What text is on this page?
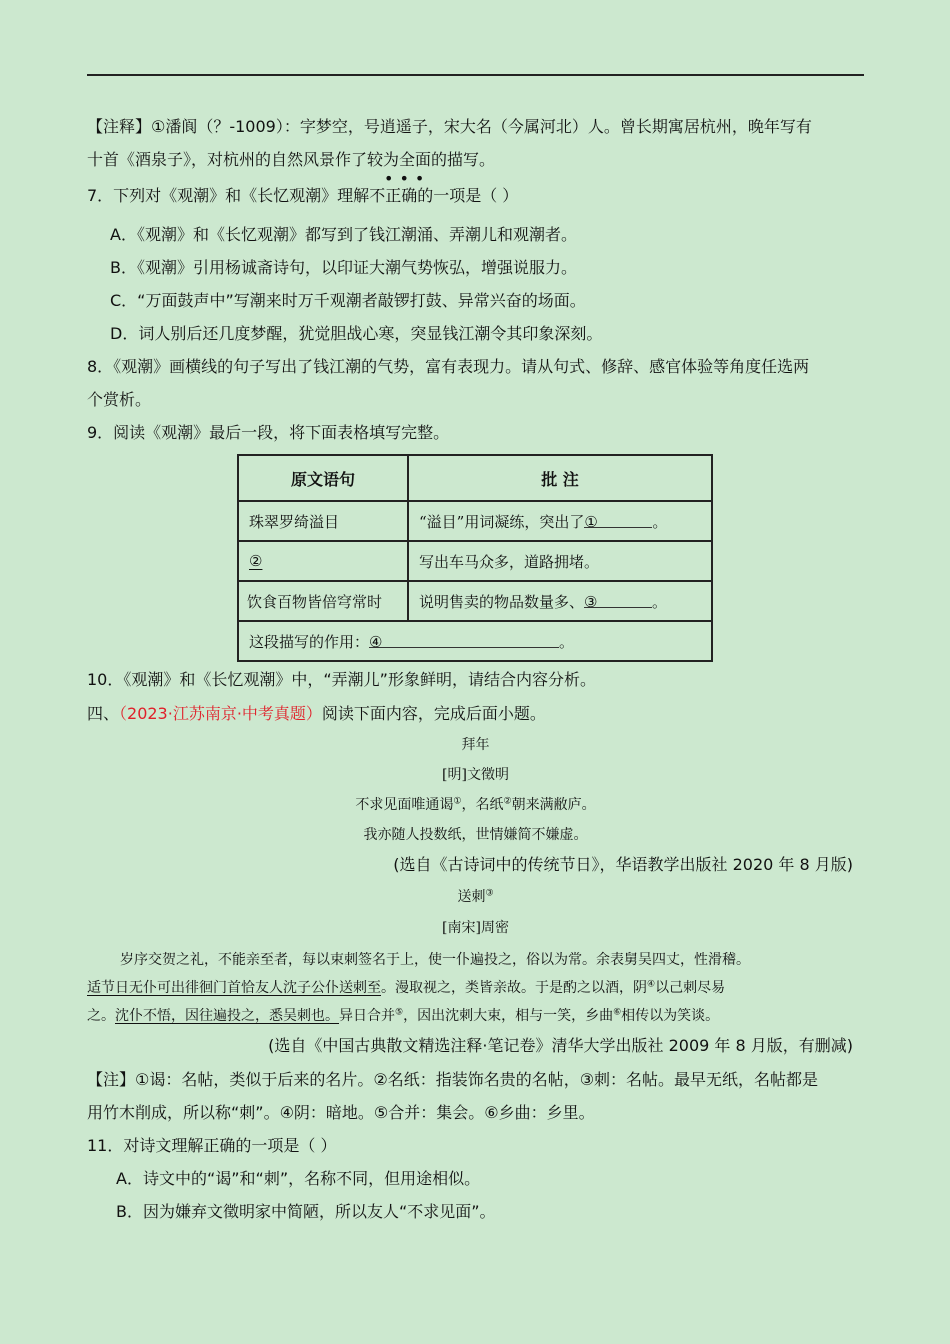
【注释】①潘阆（？-1009）：字梦空，号逍遥子，宋大名（今属河北）人。曾长期寓居杭州，晚年写有
十首《酒泉子》，对杭州的自然风景作了较为全面的描写。
•••
7．下列对《观潮》和《长忆观潮》理解不正确的一项是（ ）
A．《观潮》和《长忆观潮》都写到了钱江潮涌、弄潮儿和观潮者。
B．《观潮》引用杨诚斋诗句，以印证大潮气势恢弘，增强说服力。
C．“万面鼓声中”写潮来时万千观潮者敲锣打鼓、异常兴奋的场面。
D．词人别后还几度梦醒，犹觉胆战心寒，突显钱江潮令其印象深刻。
8．《观潮》画横线的句子写出了钱江潮的气势，富有表现力。请从句式、修辞、感官体验等角度任选两
个赏析。
9．阅读《观潮》最后一段，将下面表格填写完整。
原文语句	批 注
珠翠罗绮溢目	“溢目”用词凝练，突出了① 。
②	写出车马众多，道路拥堵。
饮食百物皆倍穹常时	说明售卖的物品数量多、③ 。
这段描写的作用：④ 。	
10．《观潮》和《长忆观潮》中，“弄潮儿”形象鲜明，请结合内容分析。
四、（2023·江苏南京·中考真题）阅读下面内容，完成后面小题。
拜年
[明]文徵明
不求见面唯通谒①，名纸②朝来满敝庐。
我亦随人投数纸，世情嫌简不嫌虚。
(选自《古诗词中的传统节日》，华语教学出版社 2020 年 8 月版)
送刺③
[南宋]周密
岁序交贺之礼，不能亲至者，每以束刺签名于上，使一仆遍投之，俗以为常。余表舅吴四丈，性滑稽。
适节日无仆可出徘徊门首恰友人沈子公仆送刺至。漫取视之，类皆亲故。于是酌之以酒，阴④以己刺尽易
之。沈仆不悟，因往遍投之，悉吴刺也。异日合并⑤，因出沈刺大束，相与一笑，乡曲⑥相传以为笑谈。
(选自《中国古典散文精选注释·笔记卷》清华大学出版社 2009 年 8 月版，有删减)
【注】①谒：名帖，类似于后来的名片。②名纸：指装饰名贵的名帖，③刺：名帖。最早无纸，名帖都是
用竹木削成，所以称“刺”。④阴：暗地。⑤合并：集会。⑥乡曲：乡里。
11．对诗文理解正确的一项是（ ）
A．诗文中的“谒”和“刺”，名称不同，但用途相似。
B．因为嫌弃文徵明家中简陋，所以友人“不求见面”。
